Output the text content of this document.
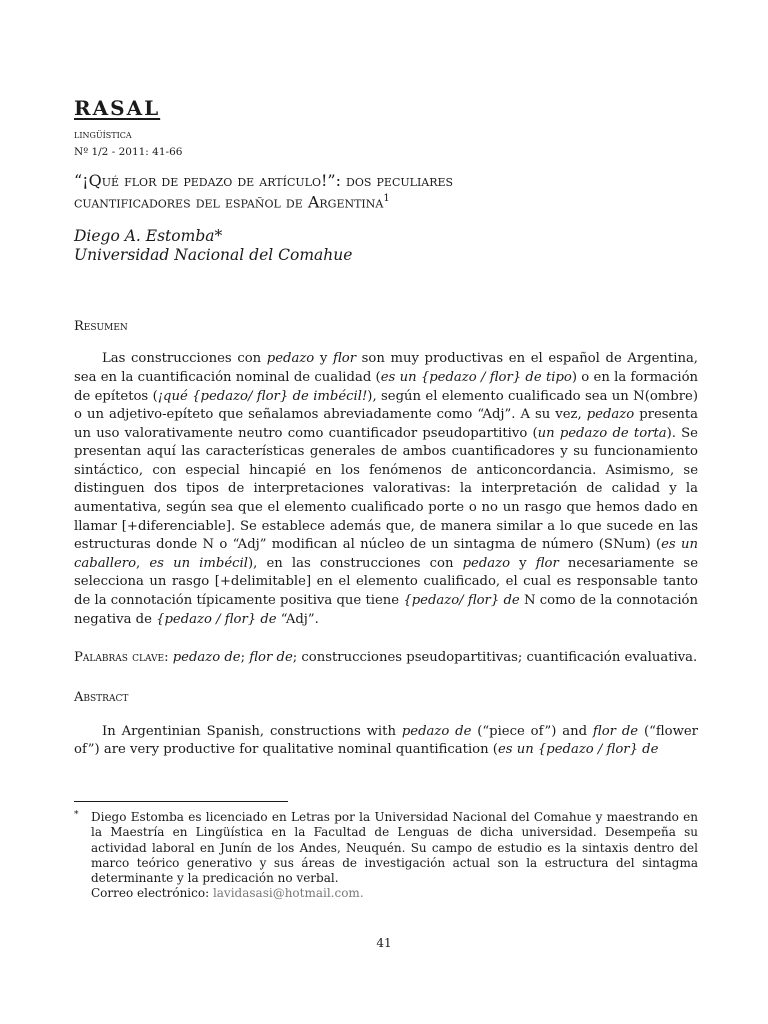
RASAL

lingüística

Nº 1/2 - 2011: 41-66

“¡Qué flor de pedazo de artículo!”: dos peculiares
cuantificadores del español de Argentina$^1$

Diego A. Estomba*

Universidad Nacional del Comahue

Resumen

Las construcciones con pedazo y flor son muy productivas en el español de Argentina, sea en la cuantificación nominal de cualidad (es un {pedazo / flor} de tipo) o en la formación de epítetos (¡qué {pedazo/ flor} de imbécil!), según el elemento cualificado sea un N(ombre) o un adjetivo-epíteto que señalamos abreviadamente como “Adj”. A su vez, pedazo presenta un uso valorativamente neutro como cuantificador pseudopartitivo (un pedazo de torta). Se presentan aquí las características generales de ambos cuantificadores y su funcionamiento sintáctico, con especial hincapié en los fenómenos de anticoncordancia. Asimismo, se distinguen dos tipos de interpretaciones valorativas: la interpretación de calidad y la aumentativa, según sea que el elemento cualificado porte o no un rasgo que hemos dado en llamar [+diferenciable]. Se establece además que, de manera similar a lo que sucede en las estructuras donde N o “Adj” modifican al núcleo de un sintagma de número (SNum) (es un caballero, es un imbécil), en las construcciones con pedazo y flor necesariamente se selecciona un rasgo [+delimitable] en el elemento cualificado, el cual es responsable tanto de la connotación típicamente positiva que tiene {pedazo/ flor} de N como de la connotación negativa de {pedazo / flor} de “Adj”.

Palabras clave: pedazo de; flor de; construcciones pseudopartitivas; cuantificación evaluativa.

Abstract

In Argentinian Spanish, constructions with pedazo de (“piece of”) and flor de (“flower of”) are very productive for qualitative nominal quantification (es un {pedazo / flor} de

* Diego Estomba es licenciado en Letras por la Universidad Nacional del Comahue y maestrando en la Maestría en Lingüística en la Facultad de Lenguas de dicha universidad. Desempeña su actividad laboral en Junín de los Andes, Neuquén. Su campo de estudio es la sintaxis dentro del marco teórico generativo y sus áreas de investigación actual son la estructura del sintagma determinante y la predicación no verbal.
Correo electrónico: lavidasasi@hotmail.com.
41
